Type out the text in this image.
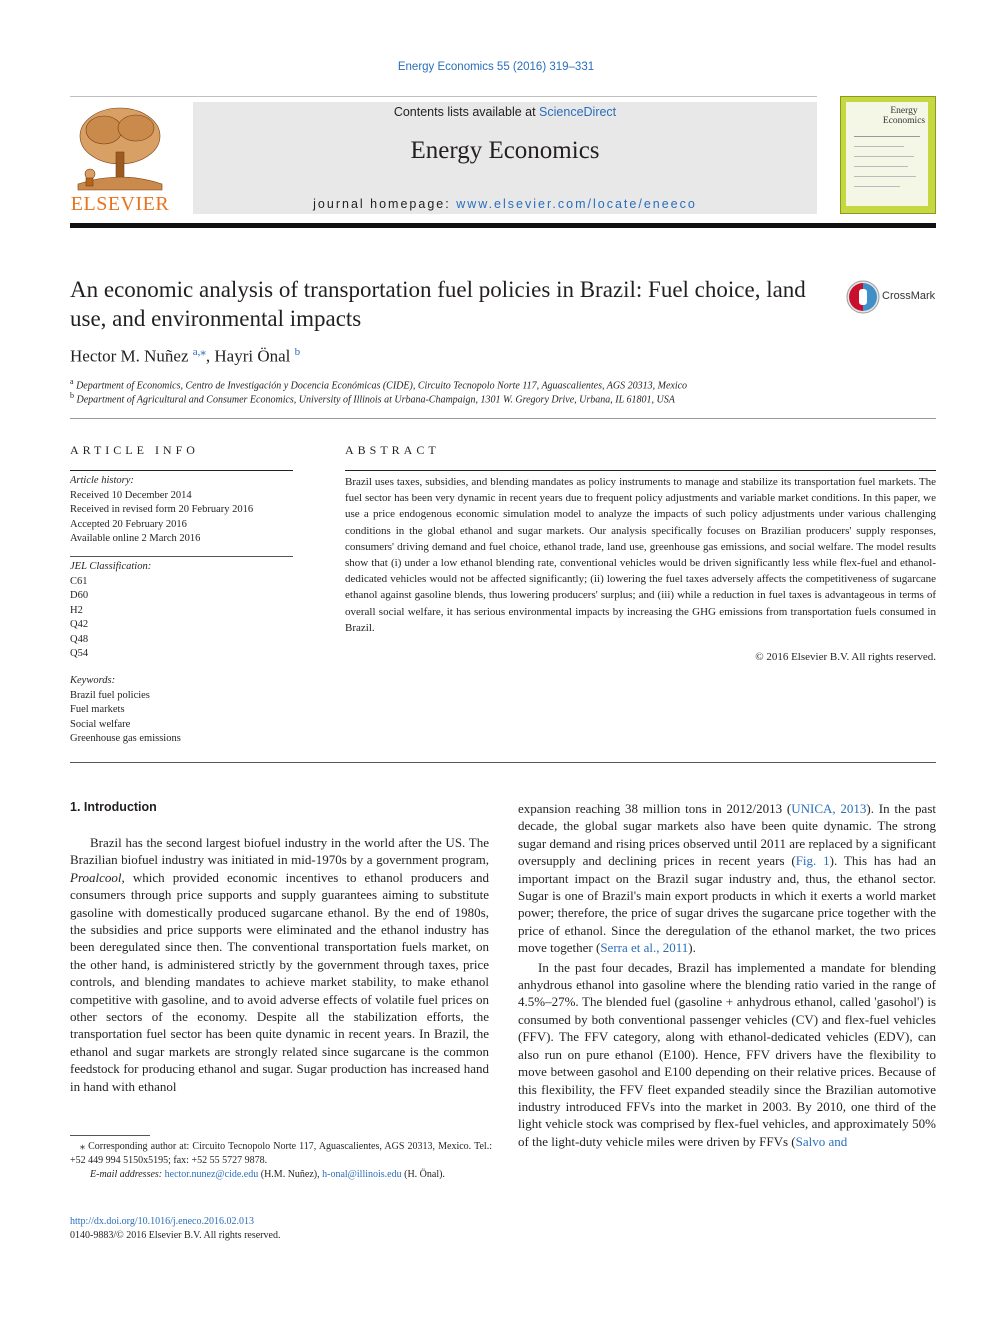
Energy Economics 55 (2016) 319–331
ELSEVIER
Contents lists available at ScienceDirect
Energy Economics
journal homepage: www.elsevier.com/locate/eneeco
Energy Economics
An economic analysis of transportation fuel policies in Brazil: Fuel choice, land use, and environmental impacts
CrossMark
Hector M. Nuñez $^{a,⁎}$, Hayri Önal $^b$
$^a$ Department of Economics, Centro de Investigación y Docencia Económicas (CIDE), Circuito Tecnopolo Norte 117, Aguascalientes, AGS 20313, Mexico
$^b$ Department of Agricultural and Consumer Economics, University of Illinois at Urbana-Champaign, 1301 W. Gregory Drive, Urbana, IL 61801, USA
ARTICLE INFO
Article history:
Received 10 December 2014
Received in revised form 20 February 2016
Accepted 20 February 2016
Available online 2 March 2016
JEL Classification:
C61
D60
H2
Q42
Q48
Q54
Keywords:
Brazil fuel policies
Fuel markets
Social welfare
Greenhouse gas emissions
ABSTRACT
Brazil uses taxes, subsidies, and blending mandates as policy instruments to manage and stabilize its transportation fuel markets. The fuel sector has been very dynamic in recent years due to frequent policy adjustments and variable market conditions. In this paper, we use a price endogenous economic simulation model to analyze the impacts of such policy adjustments under various challenging conditions in the global ethanol and sugar markets. Our analysis specifically focuses on Brazilian producers' supply responses, consumers' driving demand and fuel choice, ethanol trade, land use, greenhouse gas emissions, and social welfare. The model results show that (i) under a low ethanol blending rate, conventional vehicles would be driven significantly less while flex-fuel and ethanol-dedicated vehicles would not be affected significantly; (ii) lowering the fuel taxes adversely affects the competitiveness of sugarcane ethanol against gasoline blends, thus lowering producers' surplus; and (iii) while a reduction in fuel taxes is advantageous in terms of overall social welfare, it has serious environmental impacts by increasing the GHG emissions from transportation fuels consumed in Brazil.
© 2016 Elsevier B.V. All rights reserved.
1. Introduction

Brazil has the second largest biofuel industry in the world after the US. The Brazilian biofuel industry was initiated in mid-1970s by a government program, Proalcool, which provided economic incentives to ethanol producers and consumers through price supports and supply guarantees aiming to substitute gasoline with domestically produced sugarcane ethanol. By the end of 1980s, the subsidies and price supports were eliminated and the ethanol industry has been deregulated since then. The conventional transportation fuels market, on the other hand, is administered strictly by the government through taxes, price controls, and blending mandates to achieve market stability, to make ethanol competitive with gasoline, and to avoid adverse effects of volatile fuel prices on other sectors of the economy. Despite all the stabilization efforts, the transportation fuel sector has been quite dynamic in recent years. In Brazil, the ethanol and sugar markets are strongly related since sugarcane is the common feedstock for producing ethanol and sugar. Sugar production has increased hand in hand with ethanol

expansion reaching 38 million tons in 2012/2013 (UNICA, 2013). In the past decade, the global sugar markets also have been quite dynamic. The strong sugar demand and rising prices observed until 2011 are replaced by a significant oversupply and declining prices in recent years (Fig. 1). This has had an important impact on the Brazil sugar industry and, thus, the ethanol sector. Sugar is one of Brazil's main export products in which it exerts a world market power; therefore, the price of sugar drives the sugarcane price together with the price of ethanol. Since the deregulation of the ethanol market, the two prices move together (Serra et al., 2011).

In the past four decades, Brazil has implemented a mandate for blending anhydrous ethanol into gasoline where the blending ratio varied in the range of 4.5%–27%. The blended fuel (gasoline + anhydrous ethanol, called 'gasohol') is consumed by both conventional passenger vehicles (CV) and flex-fuel vehicles (FFV). The FFV category, along with ethanol-dedicated vehicles (EDV), can also run on pure ethanol (E100). Hence, FFV drivers have the flexibility to move between gasohol and E100 depending on their relative prices. Because of this flexibility, the FFV fleet expanded steadily since the Brazilian automotive industry introduced FFVs into the market in 2003. By 2010, one third of the light vehicle stock was comprised by flex-fuel vehicles, and approximately 50% of the light-duty vehicle miles were driven by FFVs (Salvo and

⁎ Corresponding author at: Circuito Tecnopolo Norte 117, Aguascalientes, AGS 20313, Mexico. Tel.: +52 449 994 5150x5195; fax: +52 55 5727 9878.
E-mail addresses: hector.nunez@cide.edu (H.M. Nuñez), h-onal@illinois.edu (H. Önal).
http://dx.doi.org/10.1016/j.eneco.2016.02.013
0140-9883/© 2016 Elsevier B.V. All rights reserved.
